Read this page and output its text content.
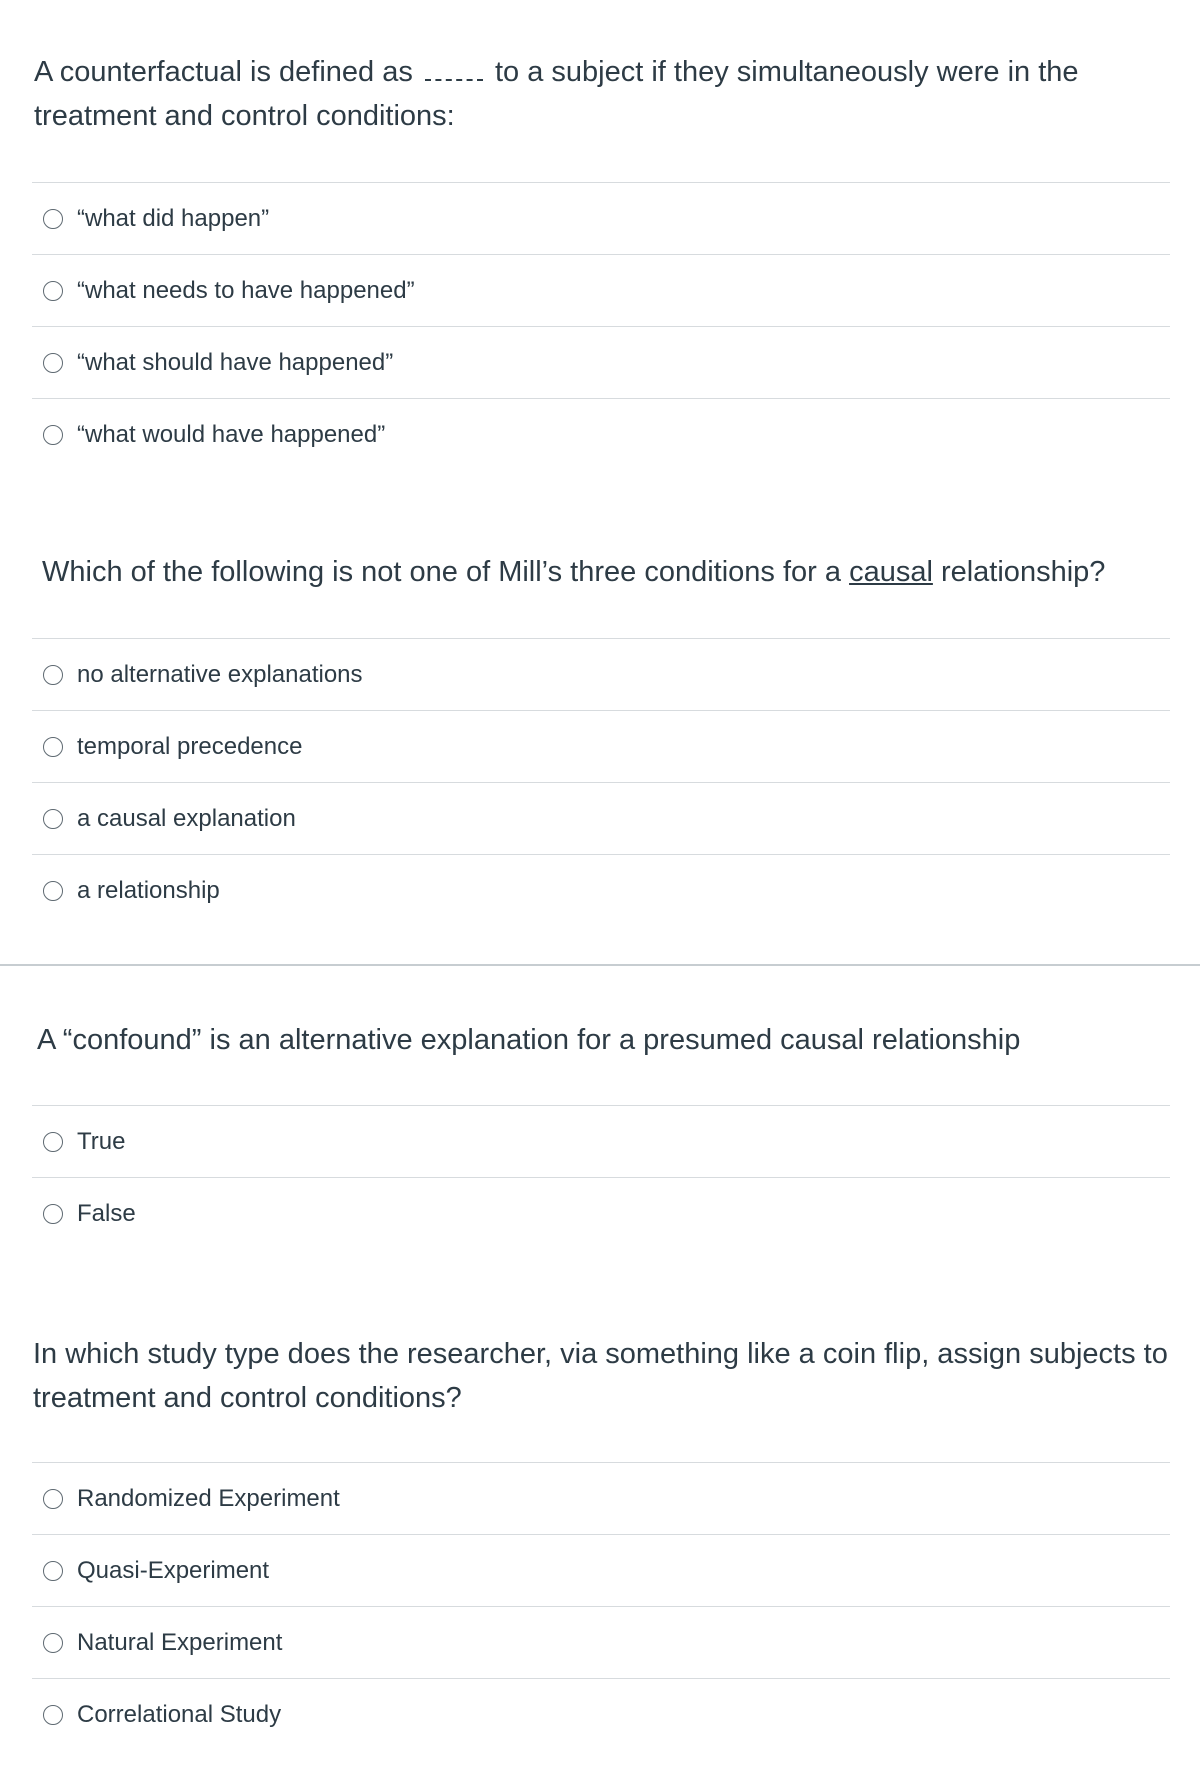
A counterfactual is defined as	to a subject if they simultaneously were in the treatment and control conditions:

“what did happen”
“what needs to have happened”
“what should have happened”
“what would have happened”

Which of the following is not one of Mill’s three conditions for a causal relationship?

no alternative explanations
temporal precedence
a causal explanation
a relationship

A “confound” is an alternative explanation for a presumed causal relationship

True
False

In which study type does the researcher, via something like a coin flip, assign subjects to treatment and control conditions?

Randomized Experiment
Quasi-Experiment
Natural Experiment
Correlational Study
